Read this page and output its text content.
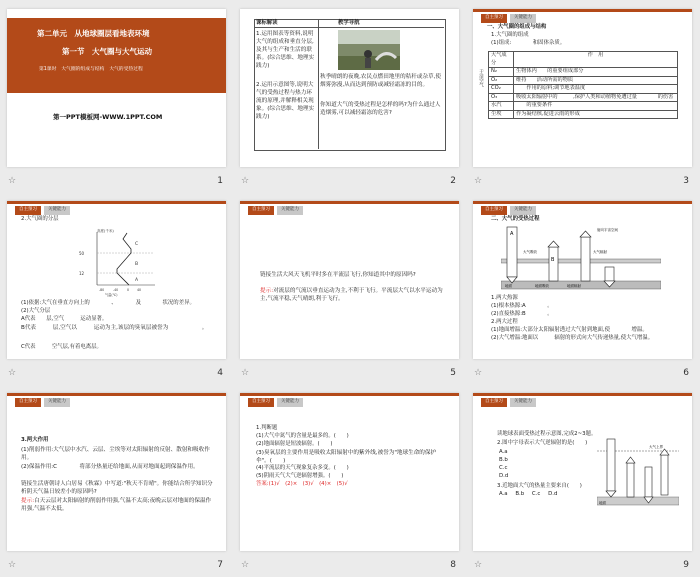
第二单元　从地球圈层看地表环境
第一节　大气圈与大气运动
第1课时　大气圈的组成与结构　大气的受热过程
第一PPT模板网-WWW.1PPT.COM
☆	1
课标解读	教学导航
1.运用图表等资料,说明大气的组成和垂直分层,及其与生产和生活的联系。(综合思维、地理实践力)
2.运用示意图等,说明大气的受热过程与热力环流的原理,并解释相关现象。(综合思维、地理实践力)
秋季晴朗的夜晚,农民点燃田地里的秸秆或杂草,使烟雾弥漫,从而达到预防或减轻霜冻的目的。
你知道大气的受热过程是怎样的吗?为什么通过人造烟雾,可以减轻霜冻的危害?
☆	2
自主预习	关键能力
一、大气圈的组成与结构
1.大气圈的组成
(1)组成:　　　　和固体杂质。
大气成分	作　用
N₂	生物体内　　的重要组成部分
O₂	维持　　活动所需的物质
CO₂	　　作用的原料;调节地表温度
O₃	吸收太阳辐射中的　　　,保护人类和动植物免遭过量　　　　的伤害
水汽	　　的重要条件
尘埃	作为凝结核,促进云雨的形成
干洁空气
☆	3
自主预习	关键能力
2.大气圈的分层
50
12
高度(千米)
C
B
A
-80	-40	0 40
气温(℃)
(1)依据:大气在垂直方向上的　　　　、　　　　及　　　　状况的差异。
(2)大气分层
A代表　　层,空气　　　运动显著。
B代表　　　层,空气以　　　运动为主,该层的臭氧层被誉为　　　　　　。
C代表　　　空气层,有着电离层。
☆	4
自主预习	关键能力
链接生活大风天飞机平时多在平流层飞行,你知道其中的原因吗?
提示:对流层的气流以垂直运动为主,不利于飞行。平流层大气以水平运动为主,气流平稳,天气晴朗,利于飞行。
☆	5
自主预习	关键能力
二、大气的受热过程
A
B
射向宇宙空间
大气吸收	大气辐射
地面	地面吸收	地面辐射
1.两大热源
(1)根本热源:A　　　　。
(2)直接热源:B　　　　。
2.两大过程
(1)地面增温:大部分太阳辐射透过大气射到地面,使　　　　增温。
(2)大气增温:地面以　　　辐射的形式向大气传递热量,使大气增温。
☆	6
自主预习	关键能力
3.两大作用
(1)削弱作用:大气层中水汽、云层、尘埃等对太阳辐射的反射、散射和吸收作用。
(2)保温作用:C　　　　将部分热量还给地面,从而对地面起到保温作用。
链接生活唐朝诗人白居易《秋霖》中写道:"秋天不肯晴"。你能结合所学知识分析阴天气温日较差小的原因吗?
提示:白天云层对太阳辐射的削弱作用强,气温不太高;夜晚云层对地面的保温作用强,气温不太低。
☆	7
自主预习	关键能力
1.判断题
(1)大气中氮气的含量是最多的。(　　)
(2)地面辐射是短波辐射。(　　)
(3)臭氧层的主要作用是吸收太阳辐射中的紫外线,被誉为"地球生命的保护伞"。(　　)
(4)平流层的天气现象复杂多变。(　　)
(5)阴雨天气大气逆辐射增强。(　　)
答案:(1)√　(2)×　(3)√　(4)×　(5)√
☆	8
自主预习	关键能力
读地球表面受热过程示意图,完成2~3题。
2.图中字母表示大气逆辐射的是(　　)
A.a
B.b
C.c
D.d
3.近地面大气的热量主要来自(　　)
A.a B.b C.c D.d
大气上界
地面
☆	9
